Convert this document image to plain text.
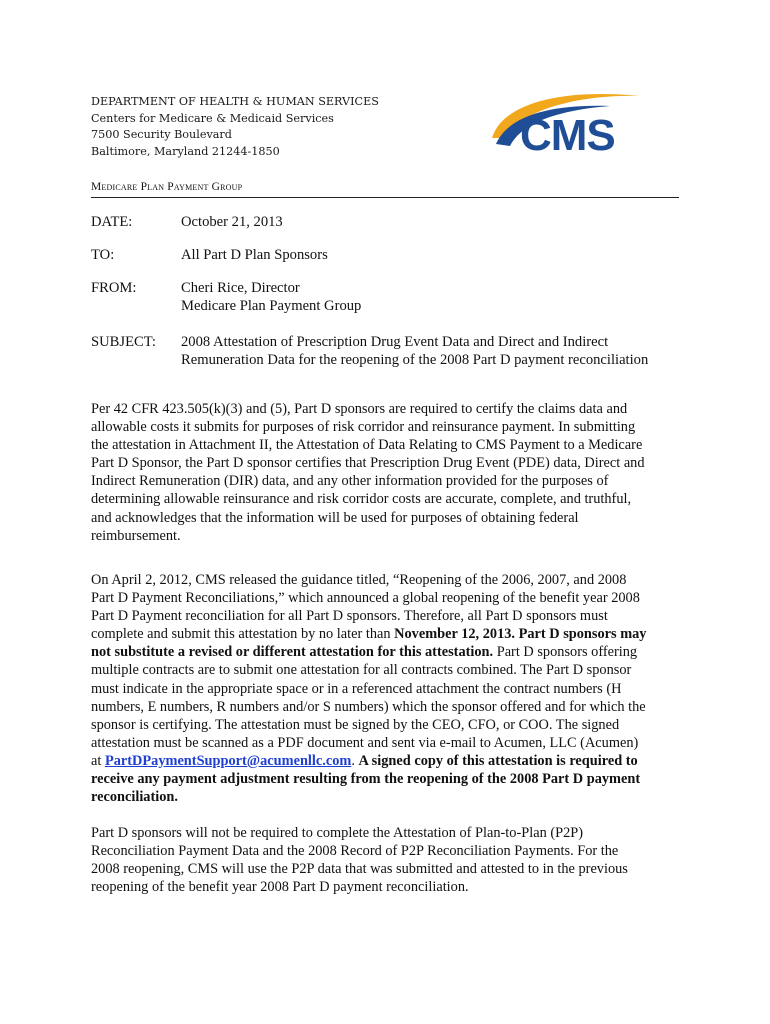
DEPARTMENT OF HEALTH & HUMAN SERVICES
Centers for Medicare & Medicaid Services
7500 Security Boulevard
Baltimore, Maryland 21244-1850	CMS
Medicare Plan Payment Group
DATE:	October 21, 2013
TO:	All Part D Plan Sponsors
FROM:	Cheri Rice, Director
Medicare Plan Payment Group
SUBJECT: 2008 Attestation of Prescription Drug Event Data and Direct and Indirect
Remuneration Data for the reopening of the 2008 Part D payment reconciliation
Per 42 CFR 423.505(k)(3) and (5), Part D sponsors are required to certify the claims data and
allowable costs it submits for purposes of risk corridor and reinsurance payment. In submitting
the attestation in Attachment II, the Attestation of Data Relating to CMS Payment to a Medicare
Part D Sponsor, the Part D sponsor certifies that Prescription Drug Event (PDE) data, Direct and
Indirect Remuneration (DIR) data, and any other information provided for the purposes of
determining allowable reinsurance and risk corridor costs are accurate, complete, and truthful,
and acknowledges that the information will be used for purposes of obtaining federal
reimbursement.
On April 2, 2012, CMS released the guidance titled, “Reopening of the 2006, 2007, and 2008
Part D Payment Reconciliations,” which announced a global reopening of the benefit year 2008
Part D Payment reconciliation for all Part D sponsors. Therefore, all Part D sponsors must
complete and submit this attestation by no later than November 12, 2013. Part D sponsors may
not substitute a revised or different attestation for this attestation. Part D sponsors offering
multiple contracts are to submit one attestation for all contracts combined. The Part D sponsor
must indicate in the appropriate space or in a referenced attachment the contract numbers (H
numbers, E numbers, R numbers and/or S numbers) which the sponsor offered and for which the
sponsor is certifying. The attestation must be signed by the CEO, CFO, or COO. The signed
attestation must be scanned as a PDF document and sent via e-mail to Acumen, LLC (Acumen)
at PartDPaymentSupport@acumenllc.com. A signed copy of this attestation is required to
receive any payment adjustment resulting from the reopening of the 2008 Part D payment
reconciliation.
Part D sponsors will not be required to complete the Attestation of Plan-to-Plan (P2P)
Reconciliation Payment Data and the 2008 Record of P2P Reconciliation Payments. For the
2008 reopening, CMS will use the P2P data that was submitted and attested to in the previous
reopening of the benefit year 2008 Part D payment reconciliation.
